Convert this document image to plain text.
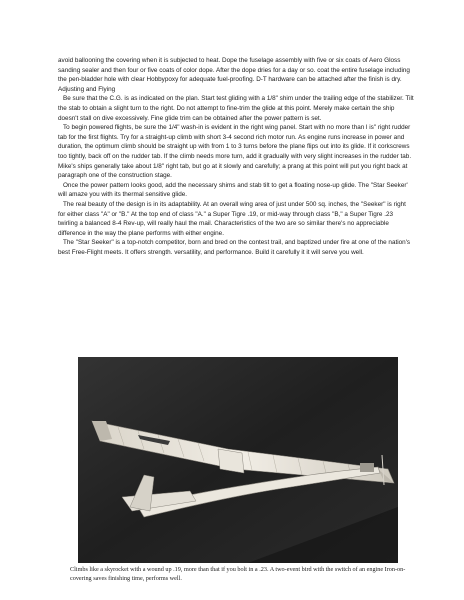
avoid ballooning the covering when it is subjected to heat. Dope the fuselage assembly with five or six coats of Aero Gloss sanding sealer and then four or five coats of color dope. After the dope dries for a day or so. coat the entire fuselage including the pen-bladder hole with clear Hobbypoxy for adequate fuel-proofing. D-T hardware can be attached after the finish is dry.

Adjusting and Flying

Be sure that the C.G. is as indicated on the plan. Start test gliding with a 1/8" shim under the trailing edge of the stabilizer. Tilt the stab to obtain a slight turn to the right. Do not attempt to fine-trim the glide at this point. Merely make certain the ship doesn't stall on dive excessively. Fine glide trim can be obtained after the power pattern is set.

To begin powered flights, be sure the 1/4" wash-in is evident in the right wing panel. Start with no more than l is" right rudder tab for the first flights. Try for a straight-up climb with short 3-4 second rich motor run. As engine runs increase in power and duration, the optimum climb should be straight up with from 1 to 3 turns before the plane flips out into its glide. If it corkscrews too tightly, back off on the rudder tab. If the climb needs more turn, add it gradually with very slight increases in the rudder tab. Mike's ships generally take about 1/8" right tab, but go at it slowly and carefully; a prang at this point will put you right back at paragraph one of the construction stage.

Once the power pattern looks good, add the necessary shims and stab tilt to get a floating nose-up glide. The "Star Seeker' will amaze you with its thermal sensitive glide.

The real beauty of the design is in its adaptability. At an overall wing area of just under 500 sq. inches, the "Seeker" is right for either class "A" or "B." At the top end of class "A." a Super Tigre .19, or mid-way through class "B," a Super Tigre .23 twirling a balanced 8-4 Rev-up, will really haul the mail. Characteristics of the two are so similar there's no appreciable difference in the way the plane performs with either engine.

The "Star Seeker" is a top-notch competitor, born and bred on the contest trail, and baptized under fire at one of the nation's best Free-Flight meets. It offers strength. versatility, and performance. Build it carefully it it will serve you well.

Climbs like a skyrocket with a wound up .19, more than that if you bolt in a .23. A two-event bird with the switch of an engine Iron-on-covering saves finishing time, performs well.
